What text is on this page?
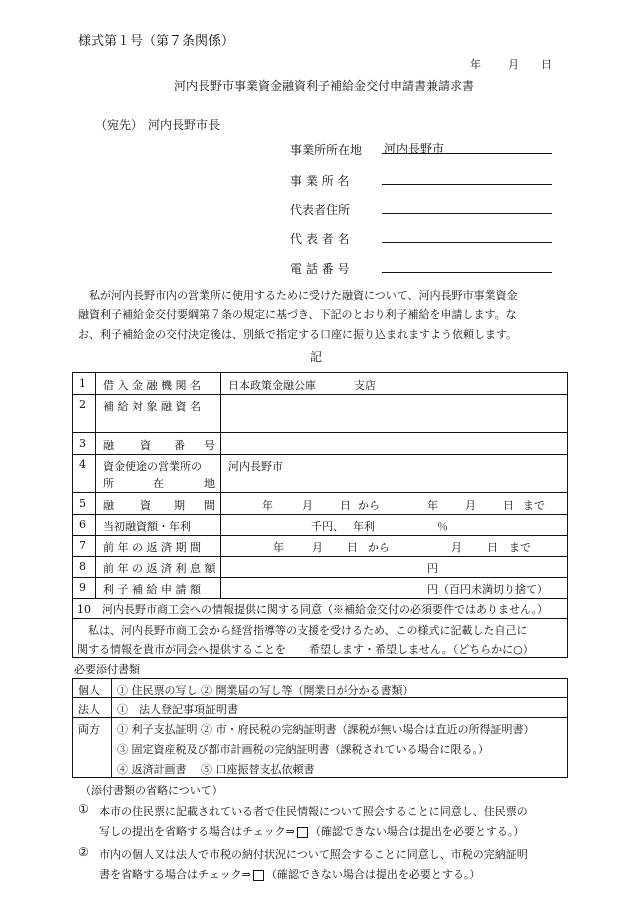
様式第１号（第７条関係）
年 月 日
河内長野市事業資金融資利子補給金交付申請書兼請求書
（宛先） 河内長野市長
事業所所在地 河内長野市
事 業 所 名
代表者住所
代 表 者 名
電 話 番 号
　私が河内長野市内の営業所に使用するために受けた融資について、河内長野市事業資金
融資利子補給金交付要綱第７条の規定に基づき、下記のとおり利子補給を申請します。な
お、利子補給金の交付決定後は、別紙で指定する口座に振り込まれますよう依頼します。
記
1 借 入 金 融 機 関 名 日本政策金融公庫	支店
2 補 給 対 象 融 資 名
3 融 資 番 号
4 資金使途の営業所の
所	在	地
河内長野市
5 融 資 期 間	年	月 日 から	年 月 日 まで
6 当初融資額・年利	千円、 年利	％
7 前 年 の 返 済 期 間	年	月 日 から	月 日 まで
8 前 年 の 返 済 利 息 額	円
9 利 子 補 給 申 請 額	円（百円未満切り捨て）
10　河内長野市商工会への情報提供に関する同意（※補給金交付の必須要件ではありません。）
　私は、河内長野市商工会から経営指導等の支援を受けるため、この様式に記載した自己に
関する情報を貴市が同会へ提供することを 　希望します・希望しません。（どちらかに○）
必要添付書類
個人 ① 住民票の写し ② 開業届の写し等（開業日が分かる書類）
法人 ①　法人登記事項証明書
両方 ① 利子支払証明 ② 市・府民税の完納証明書（課税が無い場合は直近の所得証明書）
③ 固定資産税及び都市計画税の完納証明書（課税されている場合に限る。）
④ 返済計画書　 ⑤ 口座振替支払依頼書
（添付書類の省略について）
① 本市の住民票に記載されている者で住民情報について照会することに同意し、住民票の
写しの提出を省略する場合はチェック⇒ （確認できない場合は提出を必要とする。）
② 市内の個人又は法人で市税の納付状況について照会することに同意し、市税の完納証明
書を省略する場合はチェック⇒ （確認できない場合は提出を必要とする。）
